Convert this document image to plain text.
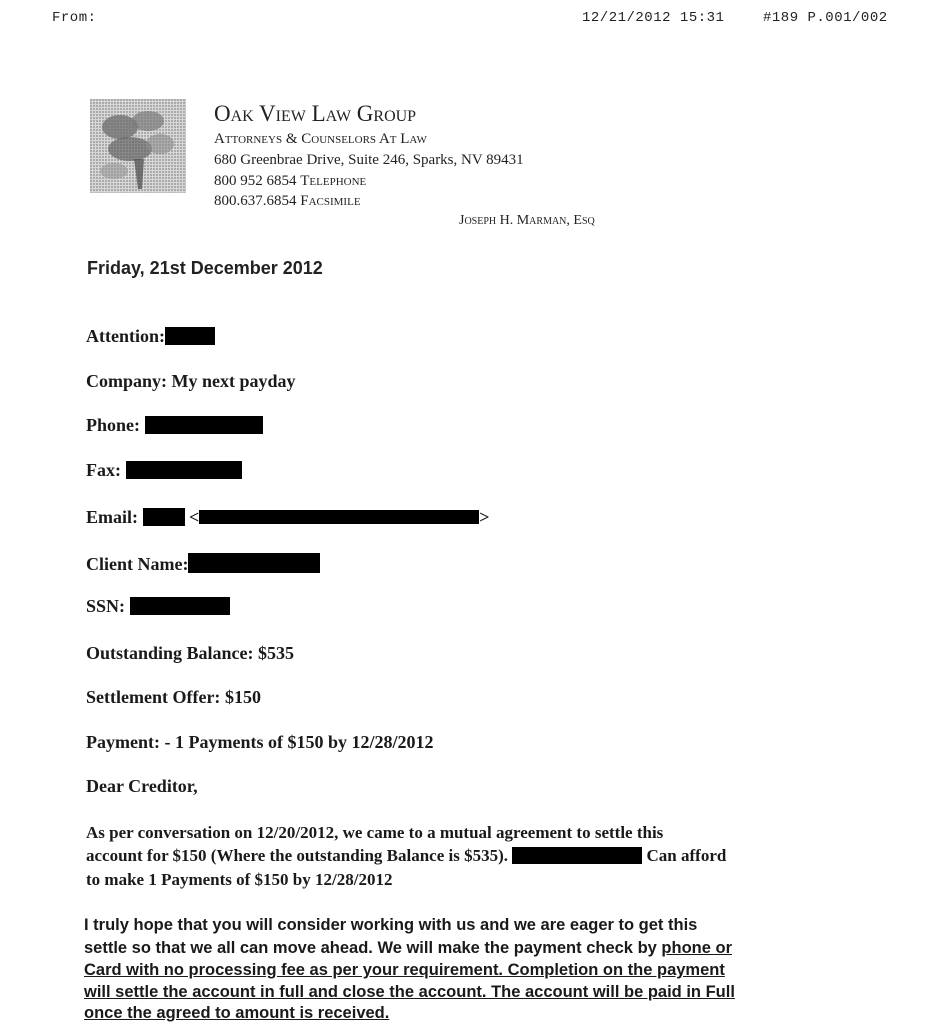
From:	12/21/2012 15:31	#189 P.001/002
Oak View Law Group
Attorneys & Counselors At Law
680 Greenbrae Drive, Suite 246, Sparks, NV 89431
800 952 6854 Telephone
800.637.6854 Facsimile
Joseph H. Marman, Esq
Friday, 21st December 2012
Attention:
Company: My next payday
Phone:
Fax:
Email:	<	>
Client Name:
SSN:
Outstanding Balance: $535
Settlement Offer: $150
Payment: - 1 Payments of $150 by 12/28/2012
Dear Creditor,
As per conversation on 12/20/2012, we came to a mutual agreement to settle this
account for $150 (Where the outstanding Balance is $535).	Can afford
to make 1 Payments of $150 by 12/28/2012
I truly hope that you will consider working with us and we are eager to get this
settle so that we all can move ahead. We will make the payment check by phone or
Card with no processing fee as per your requirement. Completion on the payment
will settle the account in full and close the account. The account will be paid in Full
once the agreed to amount is received.
